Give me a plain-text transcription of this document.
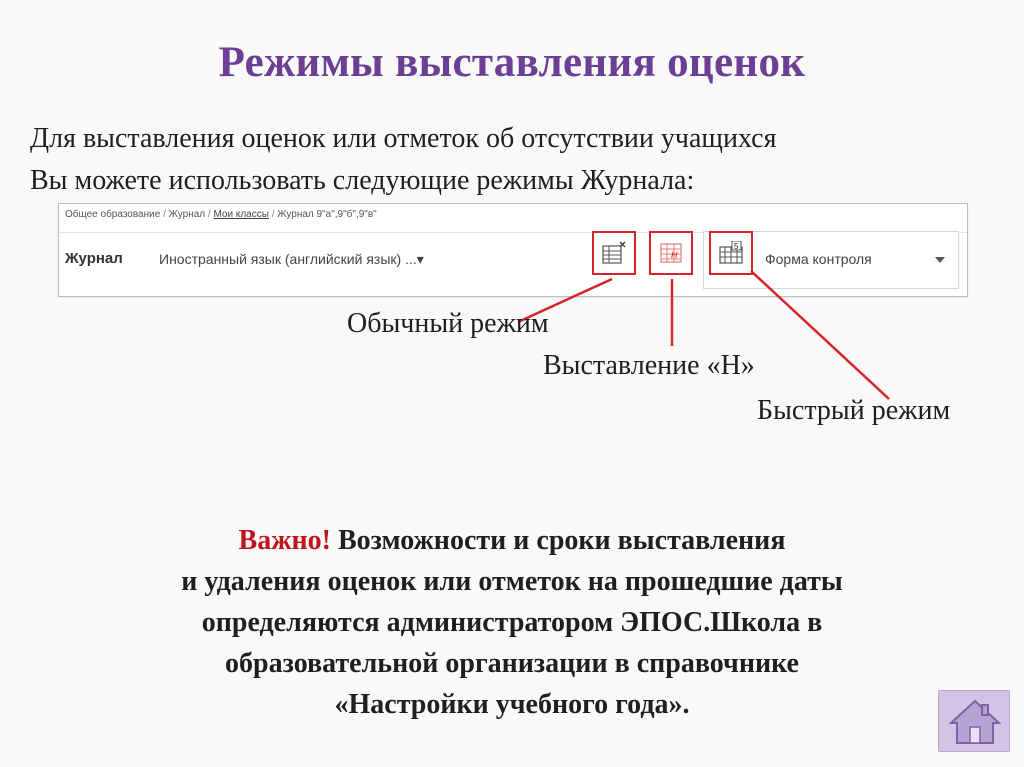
Режимы выставления оценок
Для выставления оценок или отметок об отсутствии учащихся
Вы можете использовать следующие режимы Журнала:
Общее образование / Журнал / Мои классы / Журнал 9"а",9"б",9"в"
Журнал	Иностранный язык (английский язык) ...▾	Н
5
Форма контроля
Обычный режим
Выставление «Н»
Быстрый режим
Важно! Возможности и сроки выставления
и удаления оценок или отметок на прошедшие даты
определяются администратором ЭПОС.Школа в
образовательной организации в справочнике
«Настройки учебного года».
